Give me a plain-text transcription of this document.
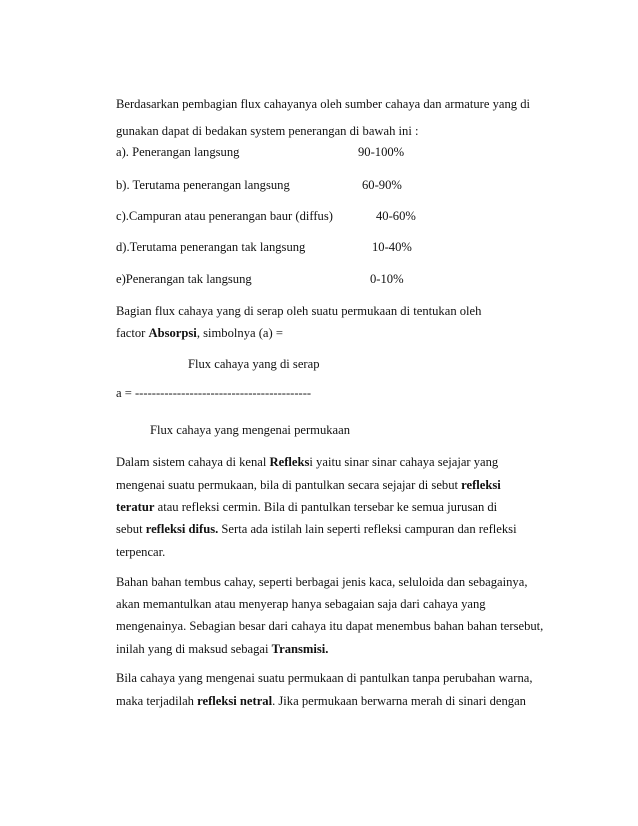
Berdasarkan pembagian flux cahayanya oleh sumber cahaya dan armature yang di
gunakan dapat di bedakan system penerangan di bawah ini :
a). Penerangan langsung	90-100%
b). Terutama penerangan langsung	60-90%
c).Campuran atau penerangan baur (diffus)	40-60%
d).Terutama penerangan tak langsung	10-40%
e)Penerangan tak langsung	0-10%
Bagian flux cahaya yang di serap oleh suatu permukaan di tentukan oleh
factor Absorpsi, simbolnya (a) =
Flux cahaya yang di serap
a = ------------------------------------------
Flux cahaya yang mengenai permukaan
Dalam sistem cahaya di kenal Refleksi yaitu sinar sinar cahaya sejajar yang
mengenai suatu permukaan, bila di pantulkan secara sejajar di sebut refleksi
teratur atau refleksi cermin. Bila di pantulkan tersebar ke semua jurusan di
sebut refleksi difus. Serta ada istilah lain seperti refleksi campuran dan refleksi
terpencar.
Bahan bahan tembus cahay, seperti berbagai jenis kaca, seluloida dan sebagainya,
akan memantulkan atau menyerap hanya sebagaian saja dari cahaya yang
mengenainya. Sebagian besar dari cahaya itu dapat menembus bahan bahan tersebut,
inilah yang di maksud sebagai Transmisi.
Bila cahaya yang mengenai suatu permukaan di pantulkan tanpa perubahan warna,
maka terjadilah refleksi netral. Jika permukaan berwarna merah di sinari dengan
